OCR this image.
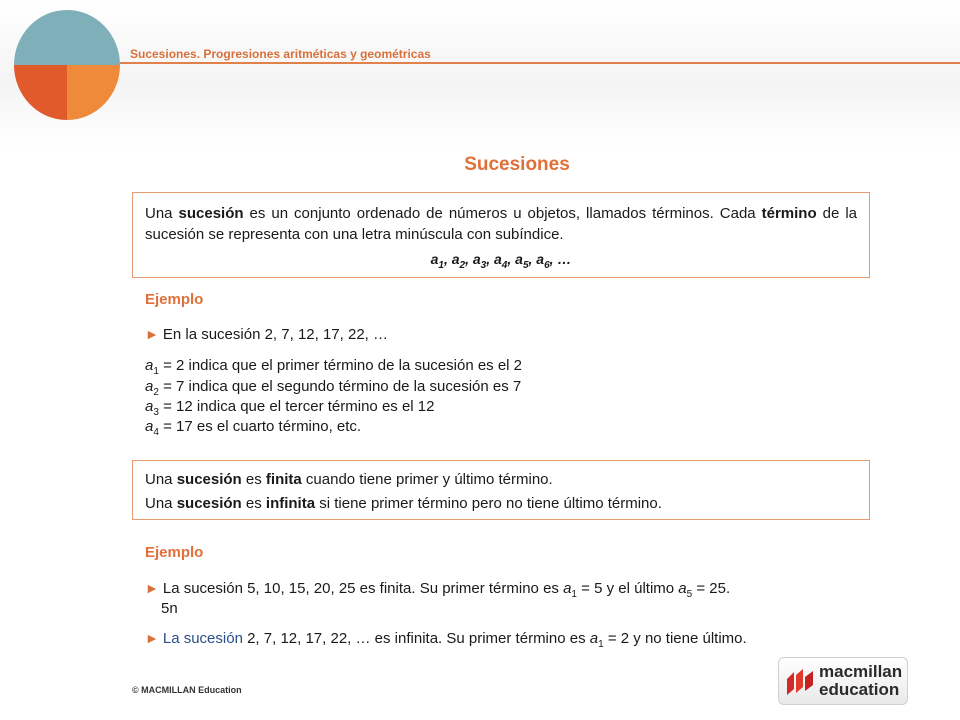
Sucesiones. Progresiones aritméticas y geométricas
Sucesiones

Una sucesión es un conjunto ordenado de números u objetos, llamados términos. Cada término de la sucesión se representa con una letra minúscula con subíndice.

$a_1$, $a_2$, $a_3$, $a_4$, $a_5$, $a_6$, …
Ejemplo
► En la sucesión 2, 7, 12, 17, 22, …
$a_1 = 2$ indica que el primer término de la sucesión es el 2
$a_2 = 7$ indica que el segundo término de la sucesión es 7
$a_3 = 12$ indica que el tercer término es el 12
$a_4 = 17$ es el cuarto término, etc.

Una sucesión es finita cuando tiene primer y último término.

Una sucesión es infinita si tiene primer término pero no tiene último término.

Ejemplo
► La sucesión 5, 10, 15, 20, 25 es finita. Su primer término es $a_1 = 5$ y el último $a_5 = 25$.
5n
► La sucesión 2, 7, 12, 17, 22, … es infinita. Su primer término es $a_1 = 2$ y no tiene último.
© MACMILLAN Education
macmillan
education
